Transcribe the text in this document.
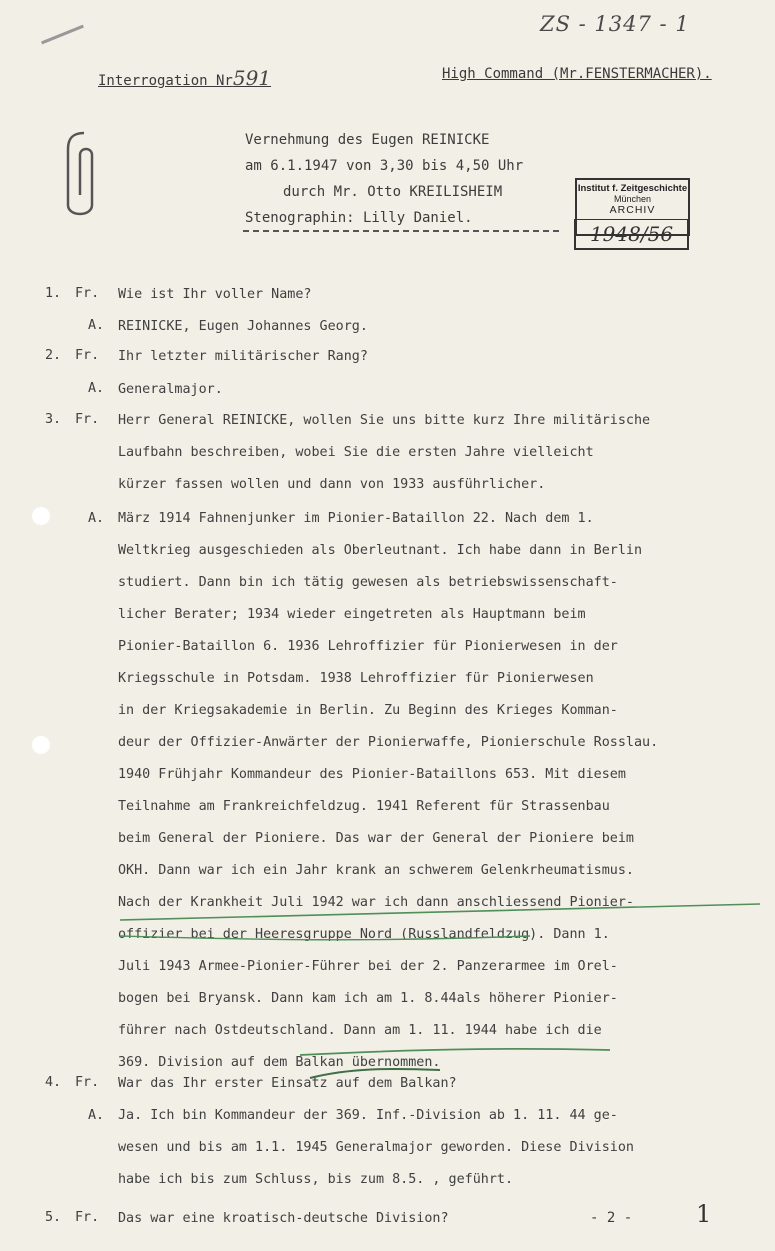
ZS - 1347 - 1
Interrogation Nr591	High Command (Mr.FENSTERMACHER).
Vernehmung des Eugen REINICKE
am 6.1.1947 von 3,30 bis 4,50 Uhr
durch Mr. Otto KREILISHEIM
Stenographin: Lilly Daniel.
Institut f. Zeitgeschichte
München
ARCHIV
1948/56
1. Fr. Wie ist Ihr voller Name?
A. REINICKE, Eugen Johannes Georg.
2. Fr. Ihr letzter militärischer Rang?
A. Generalmajor.
3. Fr. Herr General REINICKE, wollen Sie uns bitte kurz Ihre militärische
Laufbahn beschreiben, wobei Sie die ersten Jahre vielleicht
kürzer fassen wollen und dann von 1933 ausführlicher.
A. März 1914 Fahnenjunker im Pionier-Bataillon 22. Nach dem 1.
Weltkrieg ausgeschieden als Oberleutnant. Ich habe dann in Berlin
studiert. Dann bin ich tätig gewesen als betriebswissenschaft-
licher Berater; 1934 wieder eingetreten als Hauptmann beim
Pionier-Bataillon 6. 1936 Lehroffizier für Pionierwesen in der
Kriegsschule in Potsdam. 1938 Lehroffizier für Pionierwesen
in der Kriegsakademie in Berlin. Zu Beginn des Krieges Komman-
deur der Offizier-Anwärter der Pionierwaffe, Pionierschule Rosslau.
1940 Frühjahr Kommandeur des Pionier-Bataillons 653. Mit diesem
Teilnahme am Frankreichfeldzug. 1941 Referent für Strassenbau
beim General der Pioniere. Das war der General der Pioniere beim
OKH. Dann war ich ein Jahr krank an schwerem Gelenkrheumatismus.
Nach der Krankheit Juli 1942 war ich dann anschliessend Pionier-
offizier bei der Heeresgruppe Nord (Russlandfeldzug). Dann 1.
Juli 1943 Armee-Pionier-Führer bei der 2. Panzerarmee im Orel-
bogen bei Bryansk. Dann kam ich am 1. 8.44als höherer Pionier-
führer nach Ostdeutschland. Dann am 1. 11. 1944 habe ich die
369. Division auf dem Balkan übernommen.
4. Fr. War das Ihr erster Einsatz auf dem Balkan?
A. Ja. Ich bin Kommandeur der 369. Inf.-Division ab 1. 11. 44 ge-
wesen und bis am 1.1. 1945 Generalmajor geworden. Diese Division
habe ich bis zum Schluss, bis zum 8.5. , geführt.
5. Fr. Das war eine kroatisch-deutsche Division?	- 2 -	1
